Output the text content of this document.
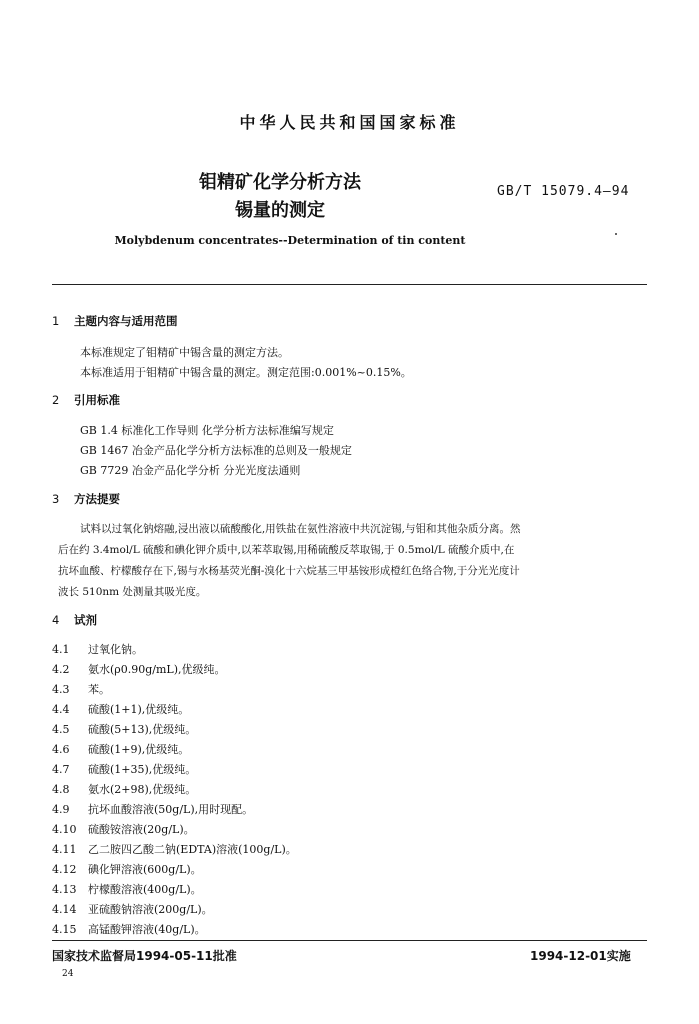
中华人民共和国国家标准
钼精矿化学分析方法
锡量的测定
GB/T 15079.4—94
Molybdenum concentrates--Determination of tin content
1 主题内容与适用范围
本标准规定了钼精矿中锡含量的测定方法。
本标准适用于钼精矿中锡含量的测定。测定范围:0.001%~0.15%。
2 引用标准
GB 1.4 标准化工作导则 化学分析方法标准编写规定
GB 1467 冶金产品化学分析方法标准的总则及一般规定
GB 7729 冶金产品化学分析 分光光度法通则
3 方法提要
试料以过氧化钠熔融,浸出液以硫酸酸化,用铁盐在氨性溶液中共沉淀锡,与钼和其他杂质分离。然
后在约 3.4mol/L 硫酸和碘化钾介质中,以苯萃取锡,用稀硫酸反萃取锡,于 0.5mol/L 硫酸介质中,在
抗坏血酸、柠檬酸存在下,锡与水杨基荧光酮-溴化十六烷基三甲基铵形成橙红色络合物,于分光光度计
波长 510nm 处测量其吸光度。
4 试剂
4.1 过氧化钠。
4.2 氨水(ρ0.90g/mL),优级纯。
4.3 苯。
4.4 硫酸(1+1),优级纯。
4.5 硫酸(5+13),优级纯。
4.6 硫酸(1+9),优级纯。
4.7 硫酸(1+35),优级纯。
4.8 氨水(2+98),优级纯。
4.9 抗坏血酸溶液(50g/L),用时现配。
4.10 硫酸铵溶液(20g/L)。
4.11 乙二胺四乙酸二钠(EDTA)溶液(100g/L)。
4.12 碘化钾溶液(600g/L)。
4.13 柠檬酸溶液(400g/L)。
4.14 亚硫酸钠溶液(200g/L)。
4.15 高锰酸钾溶液(40g/L)。
国家技术监督局1994-05-11批准	1994-12-01实施
24
